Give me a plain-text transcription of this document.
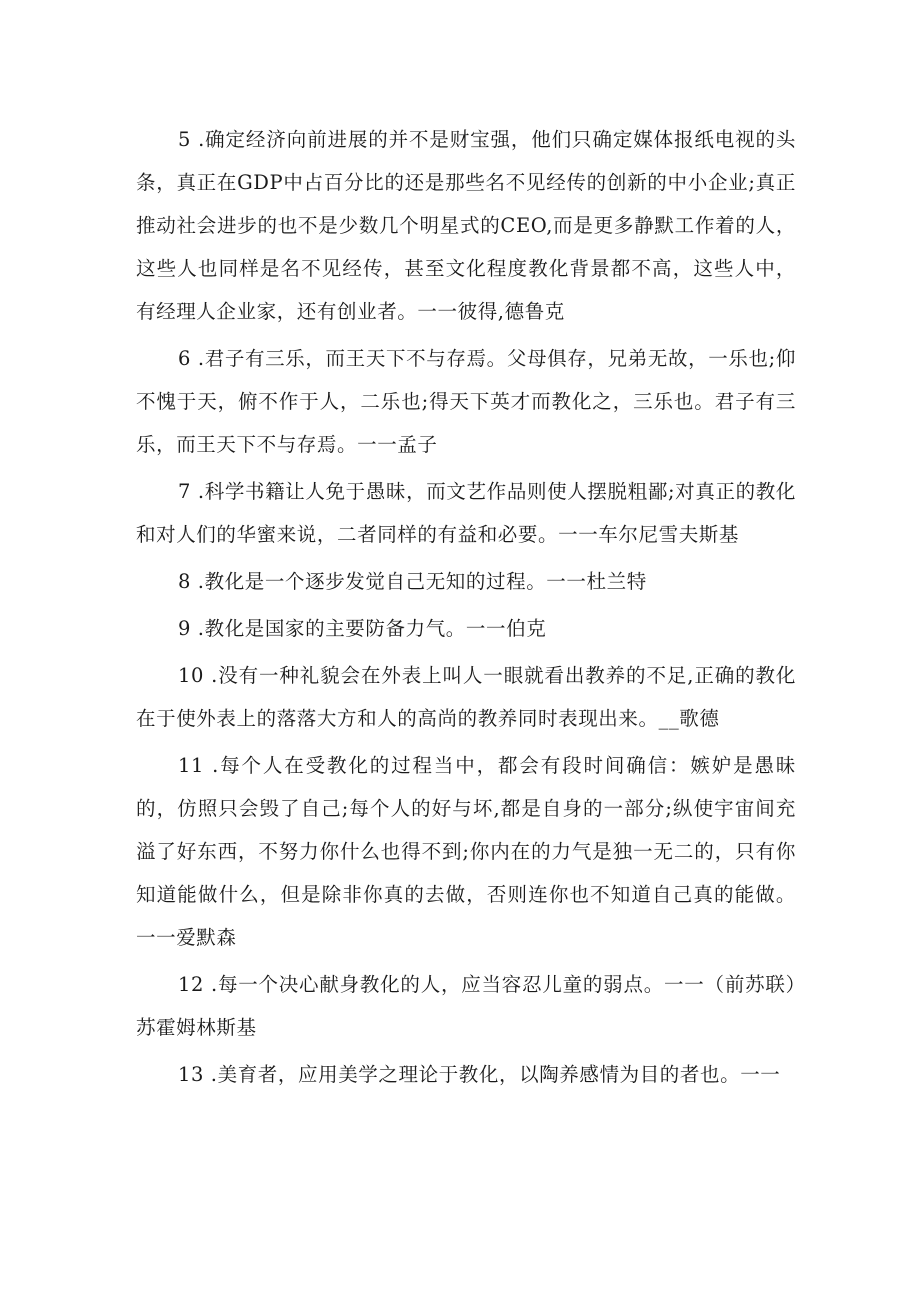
5 .确定经济向前进展的并不是财宝强，他们只确定媒体报纸电视的头条，真正在GDP中占百分比的还是那些名不见经传的创新的中小企业;真正推动社会进步的也不是少数几个明星式的CEO,而是更多静默工作着的人，这些人也同样是名不见经传，甚至文化程度教化背景都不高，这些人中，有经理人企业家，还有创业者。一一彼得,德鲁克

6 .君子有三乐，而王天下不与存焉。父母俱存，兄弟无故，一乐也;仰不愧于天，俯不作于人，二乐也;得天下英才而教化之，三乐也。君子有三乐，而王天下不与存焉。一一孟子

7 .科学书籍让人免于愚昧，而文艺作品则使人摆脱粗鄙;对真正的教化和对人们的华蜜来说，二者同样的有益和必要。一一车尔尼雪夫斯基

8 .教化是一个逐步发觉自己无知的过程。一一杜兰特

9 .教化是国家的主要防备力气。一一伯克

10 .没有一种礼貌会在外表上叫人一眼就看出教养的不足,正确的教化在于使外表上的落落大方和人的高尚的教养同时表现出来。__歌德

11 .每个人在受教化的过程当中，都会有段时间确信：嫉妒是愚昧的，仿照只会毁了自己;每个人的好与坏,都是自身的一部分;纵使宇宙间充溢了好东西，不努力你什么也得不到;你内在的力气是独一无二的，只有你知道能做什么，但是除非你真的去做，否则连你也不知道自己真的能做。一一爱默森

12 .每一个决心献身教化的人，应当容忍儿童的弱点。一一（前苏联）苏霍姆林斯基

13 .美育者，应用美学之理论于教化，以陶养感情为目的者也。一一
